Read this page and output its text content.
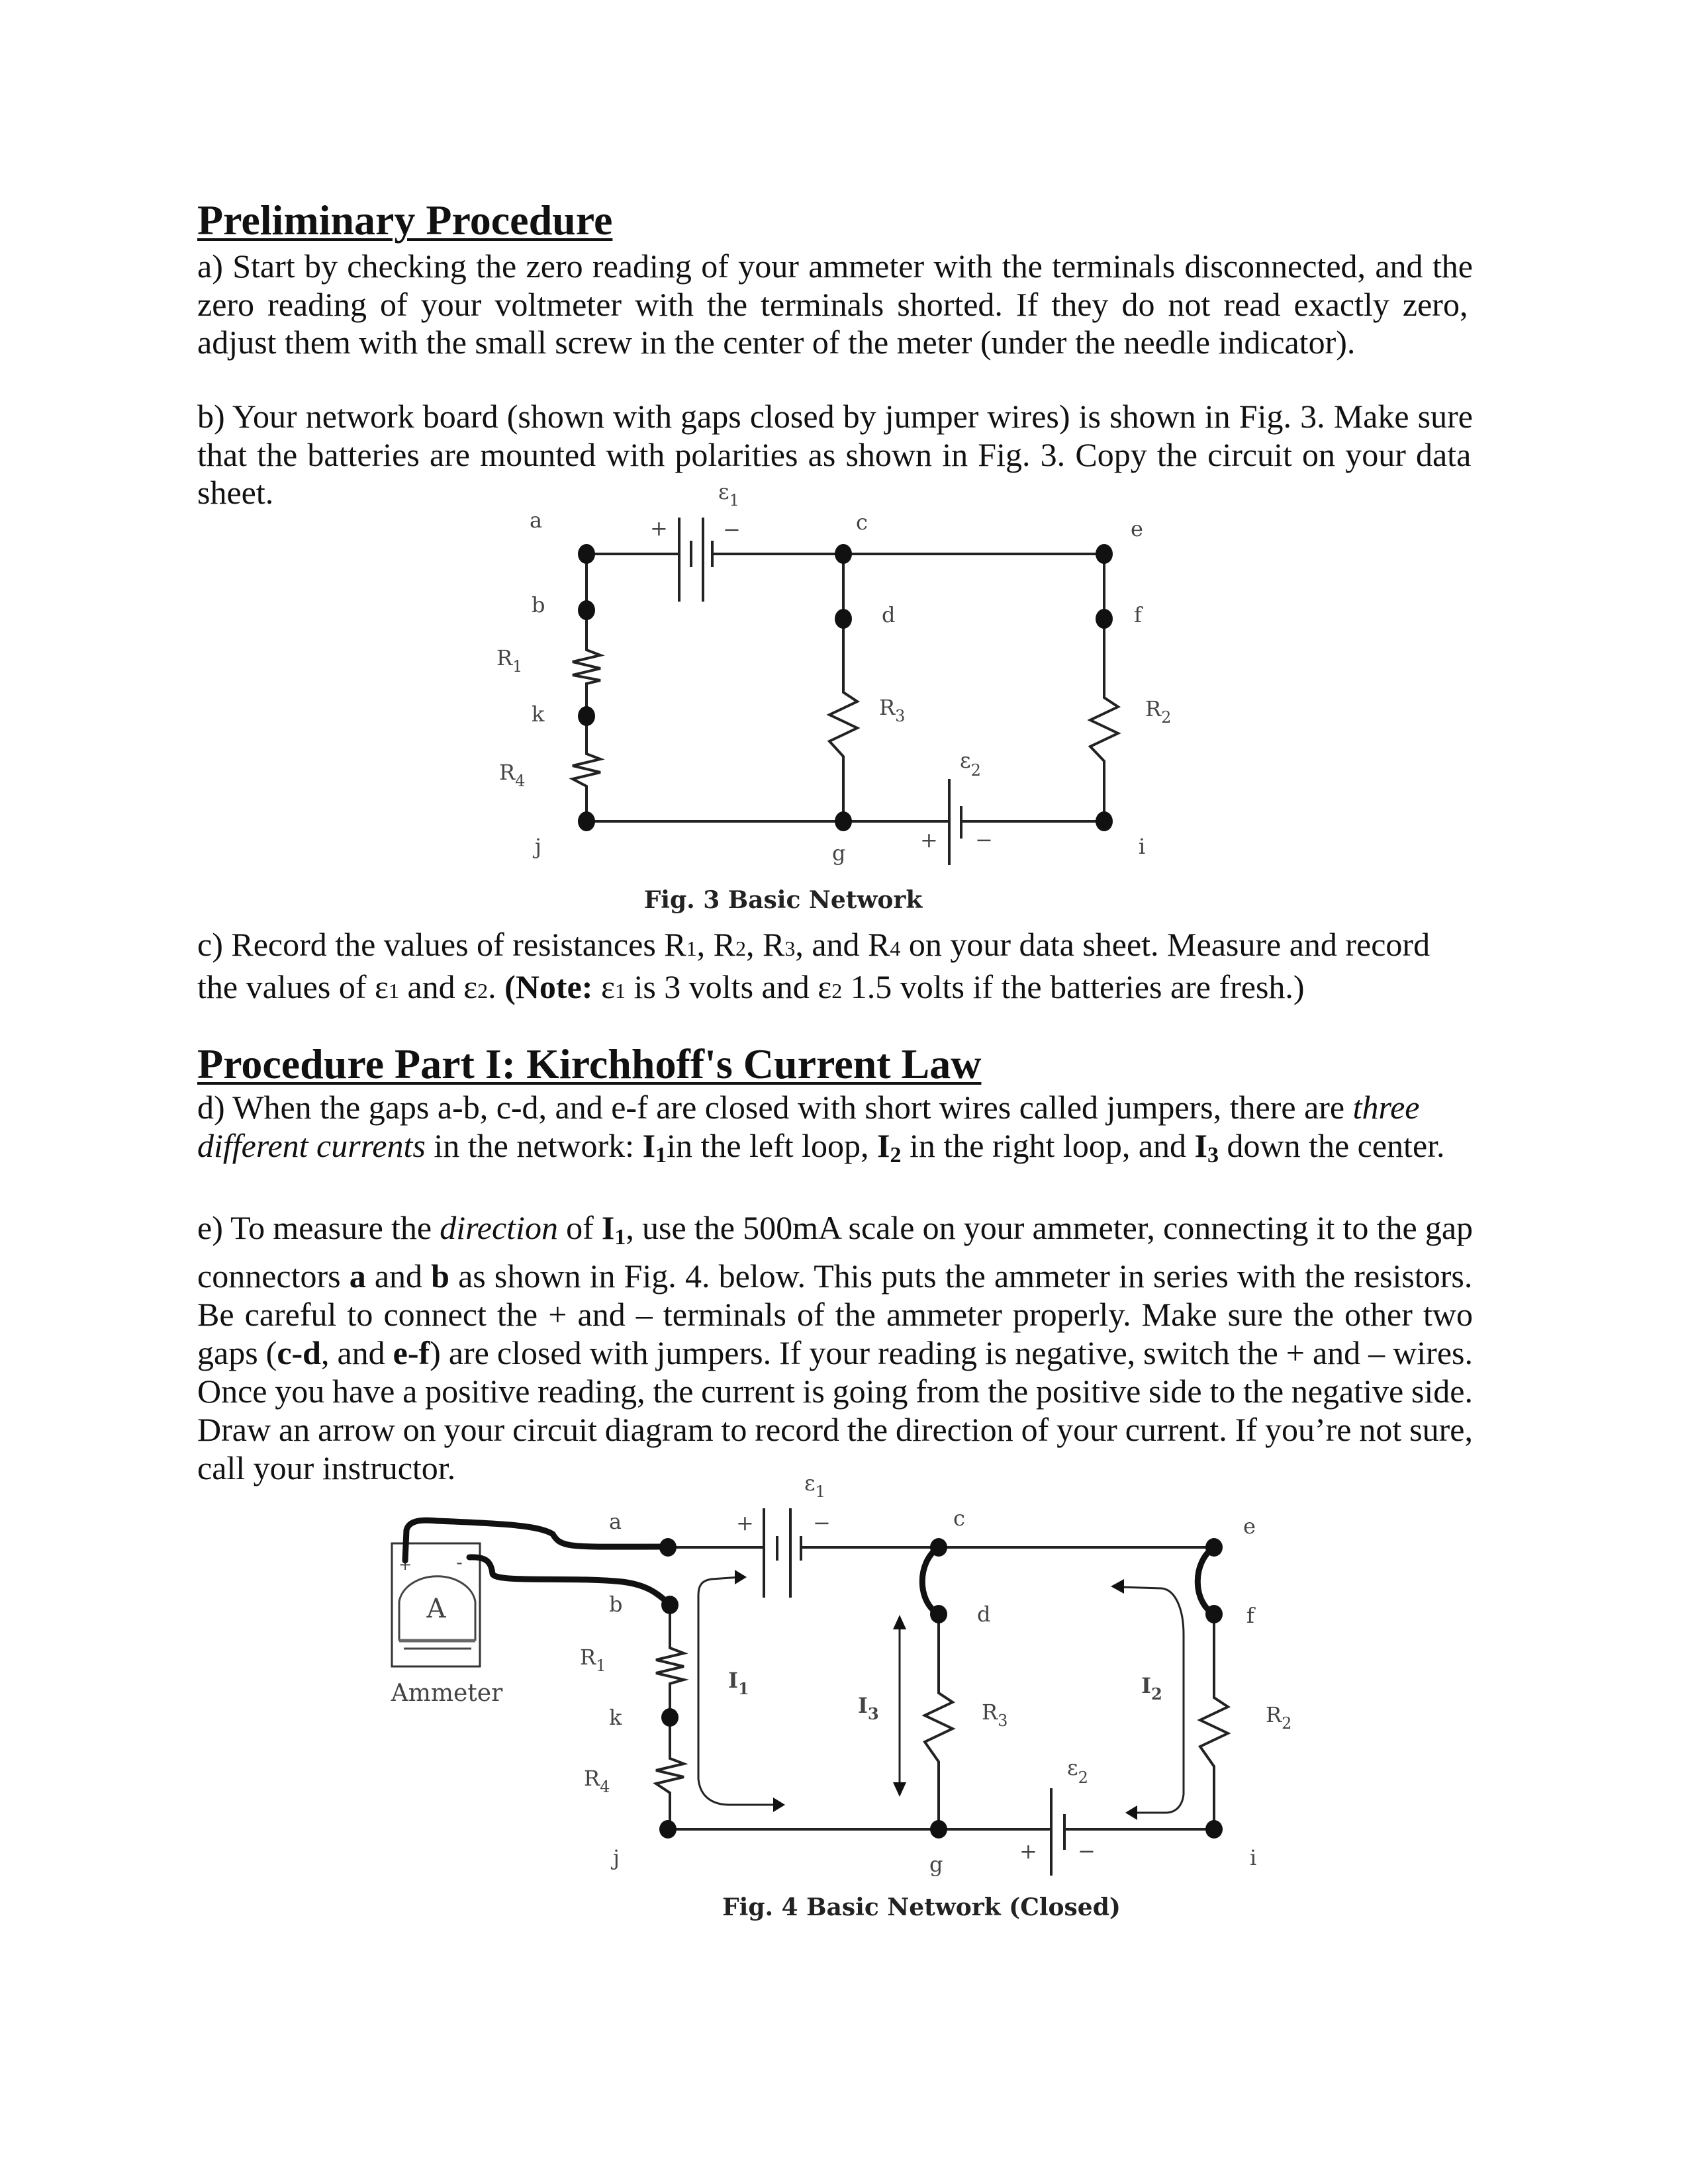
Preliminary Procedure
a) Start by checking the zero reading of your ammeter with the terminals disconnected, and the
zero reading of your voltmeter with the terminals shorted. If they do not read exactly zero,
adjust them with the small screw in the center of the meter (under the needle indicator).
b) Your network board (shown with gaps closed by jumper wires) is shown in Fig. 3. Make sure
that the batteries are mounted with polarities as shown in Fig. 3. Copy the circuit on your data
sheet.
c) Record the values of resistances R1, R2, R3, and R4 on your data sheet. Measure and record
the values of ε1 and ε2. (Note: ε1 is 3 volts and ε2 1.5 volts if the batteries are fresh.)
Procedure Part I: Kirchhoff's Current Law
d) When the gaps a-b, c-d, and e-f are closed with short wires called jumpers, there are three
different currents in the network: I1in the left loop, I2 in the right loop, and I3 down the center.
e) To measure the direction of I1, use the 500mA scale on your ammeter, connecting it to the gap
connectors a and b as shown in Fig. 4. below. This puts the ammeter in series with the resistors.
Be careful to connect the + and – terminals of the ammeter properly. Make sure the other two
gaps (c-d, and e-f) are closed with jumpers. If your reading is negative, switch the + and – wires.
Once you have a positive reading, the current is going from the positive side to the negative side.
Draw an arrow on your circuit diagram to record the direction of your current. If you’re not sure,
call your instructor.
a	+	−
$\varepsilon_1$
c	e
b	d	f
$R_1$
k	$R_3$	$R_2$
$\varepsilon_2$
$R_4$
j	g
+ −	i
Fig. 3 Basic Network
A
+ -
Ammeter
a	+	−
$\varepsilon_1$
c	e
b	d	f
$R_1$
$I_1$
$I_3$	$R_3$
$I_2$
$R_2$
k
$\varepsilon_2$
$R_4$
j	g
+ −	i
Fig. 4 Basic Network (Closed)
